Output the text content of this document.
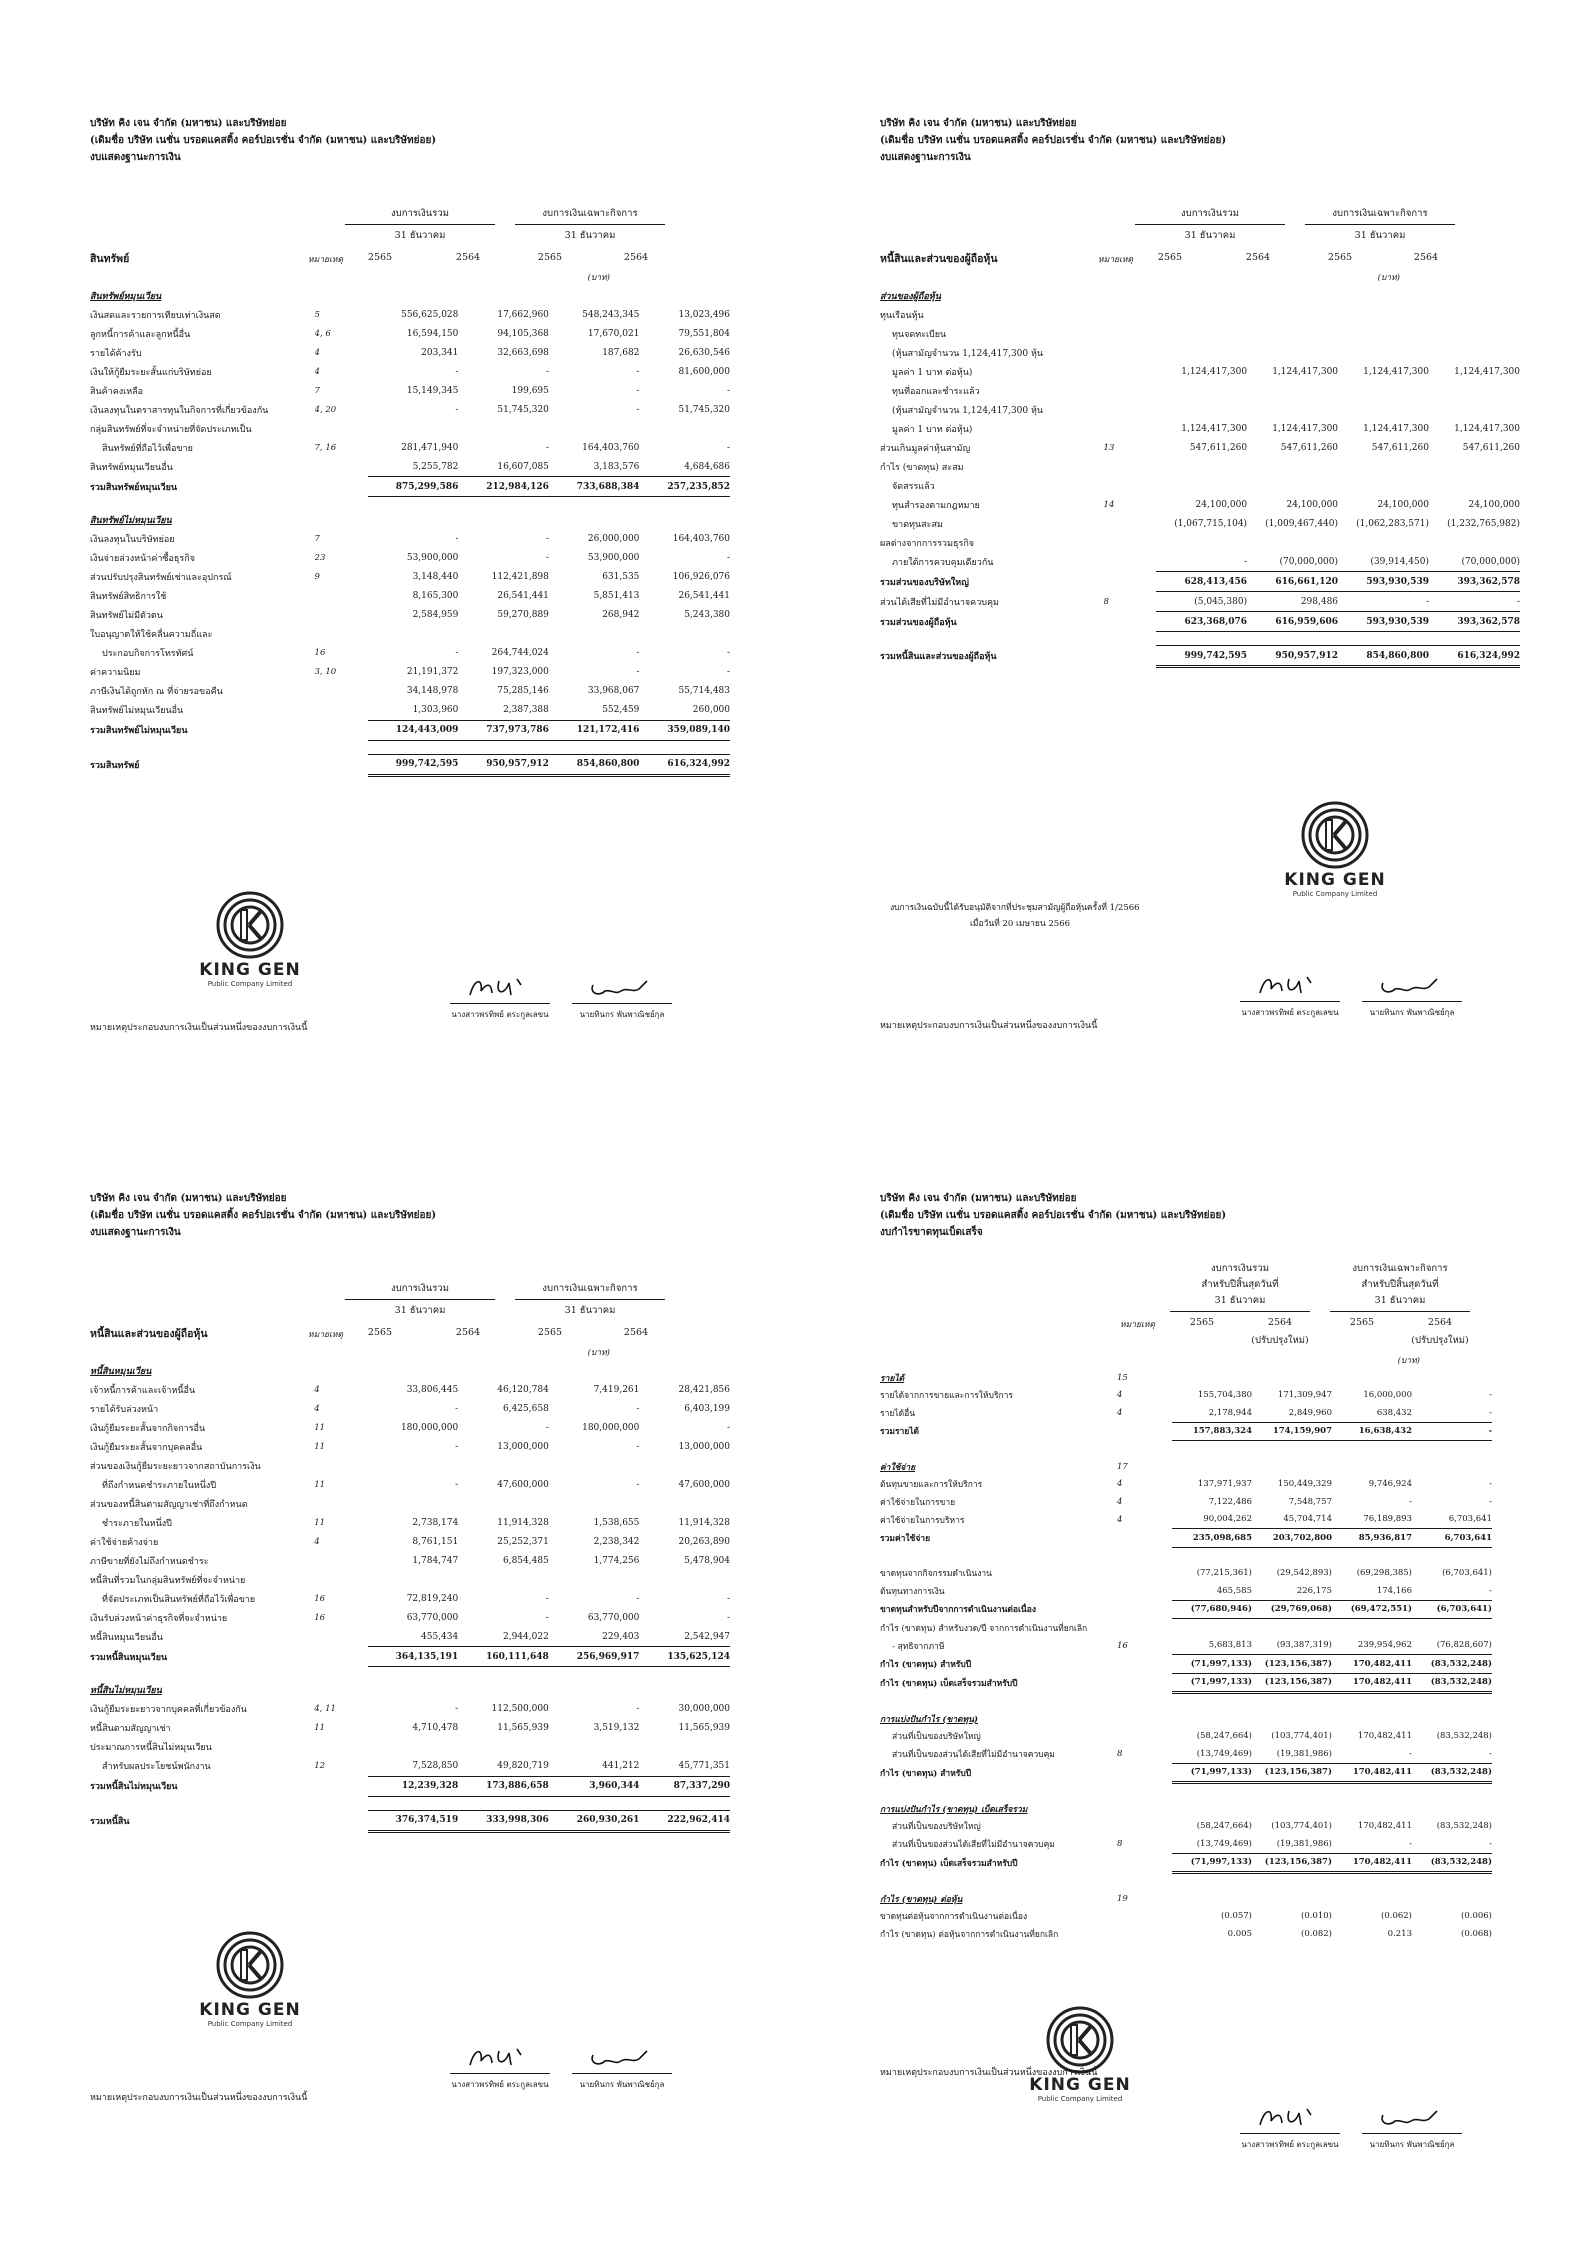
บริษัท คิง เจน จำกัด (มหาชน) และบริษัทย่อย
(เดิมชื่อ บริษัท เนชั่น บรอดแคสติ้ง คอร์ปอเรชั่น จำกัด (มหาชน) และบริษัทย่อย)
งบแสดงฐานะการเงิน
งบการเงินรวม	งบการเงินเฉพาะกิจการ
31 ธันวาคม	31 ธันวาคม
สินทรัพย์	หมายเหตุ	2565	2564	2565	2564
(บาท)
สินทรัพย์หมุนเวียน					
เงินสดและรายการเทียบเท่าเงินสด	5	556,625,028	17,662,960	548,243,345	13,023,496
ลูกหนี้การค้าและลูกหนี้อื่น	4, 6	16,594,150	94,105,368	17,670,021	79,551,804
รายได้ค้างรับ	4	203,341	32,663,698	187,682	26,630,546
เงินให้กู้ยืมระยะสั้นแก่บริษัทย่อย	4	-	-	-	81,600,000
สินค้าคงเหลือ	7	15,149,345	199,695	-	-
เงินลงทุนในตราสารทุนในกิจการที่เกี่ยวข้องกัน	4, 20	-	51,745,320	-	51,745,320
กลุ่มสินทรัพย์ที่จะจำหน่ายที่จัดประเภทเป็น					
สินทรัพย์ที่ถือไว้เพื่อขาย	7, 16	281,471,940	-	164,403,760	-
สินทรัพย์หมุนเวียนอื่น		5,255,782	16,607,085	3,183,576	4,684,686
รวมสินทรัพย์หมุนเวียน		875,299,586	212,984,126	733,688,384	257,235,852

สินทรัพย์ไม่หมุนเวียน					
เงินลงทุนในบริษัทย่อย	7	-	-	26,000,000	164,403,760
เงินจ่ายล่วงหน้าค่าซื้อธุรกิจ	23	53,900,000	-	53,900,000	-
ส่วนปรับปรุงสินทรัพย์เช่าและอุปกรณ์	9	3,148,440	112,421,898	631,535	106,926,076
สินทรัพย์สิทธิการใช้		8,165,300	26,541,441	5,851,413	26,541,441
สินทรัพย์ไม่มีตัวตน		2,584,959	59,270,889	268,942	5,243,380
ใบอนุญาตให้ใช้คลื่นความถี่และ					
ประกอบกิจการโทรทัศน์	16	-	264,744,024	-	-
ค่าความนิยม	3, 10	21,191,372	197,323,000	-	-
ภาษีเงินได้ถูกหัก ณ ที่จ่ายรอขอคืน		34,148,978	75,285,146	33,968,067	55,714,483
สินทรัพย์ไม่หมุนเวียนอื่น		1,303,960	2,387,388	552,459	260,000
รวมสินทรัพย์ไม่หมุนเวียน		124,443,009	737,973,786	121,172,416	359,089,140

รวมสินทรัพย์		999,742,595	950,957,912	854,860,800	616,324,992
KING GEN
Public Company Limited
หมายเหตุประกอบงบการเงินเป็นส่วนหนึ่งของงบการเงินนี้
นางสาวพรทิพย์ ตระกูลเลขน	นายทินกร พันพาณิชย์กุล
บริษัท คิง เจน จำกัด (มหาชน) และบริษัทย่อย
(เดิมชื่อ บริษัท เนชั่น บรอดแคสติ้ง คอร์ปอเรชั่น จำกัด (มหาชน) และบริษัทย่อย)
งบแสดงฐานะการเงิน
งบการเงินรวม	งบการเงินเฉพาะกิจการ
31 ธันวาคม	31 ธันวาคม
หนี้สินและส่วนของผู้ถือหุ้น	หมายเหตุ	2565	2564	2565	2564
(บาท)
ส่วนของผู้ถือหุ้น					
ทุนเรือนหุ้น					
ทุนจดทะเบียน					
(หุ้นสามัญจำนวน 1,124,417,300 หุ้น					
มูลค่า 1 บาท ต่อหุ้น)		1,124,417,300	1,124,417,300	1,124,417,300	1,124,417,300
ทุนที่ออกและชำระแล้ว					
(หุ้นสามัญจำนวน 1,124,417,300 หุ้น					
มูลค่า 1 บาท ต่อหุ้น)		1,124,417,300	1,124,417,300	1,124,417,300	1,124,417,300
ส่วนเกินมูลค่าหุ้นสามัญ	13	547,611,260	547,611,260	547,611,260	547,611,260
กำไร (ขาดทุน) สะสม					
จัดสรรแล้ว					
ทุนสำรองตามกฎหมาย	14	24,100,000	24,100,000	24,100,000	24,100,000
ขาดทุนสะสม		(1,067,715,104)	(1,009,467,440)	(1,062,283,571)	(1,232,765,982)
ผลต่างจากการรวมธุรกิจ					
ภายใต้การควบคุมเดียวกัน		-	(70,000,000)	(39,914,450)	(70,000,000)
รวมส่วนของบริษัทใหญ่		628,413,456	616,661,120	593,930,539	393,362,578
ส่วนได้เสียที่ไม่มีอำนาจควบคุม	8	(5,045,380)	298,486	-	-
รวมส่วนของผู้ถือหุ้น		623,368,076	616,959,606	593,930,539	393,362,578

รวมหนี้สินและส่วนของผู้ถือหุ้น		999,742,595	950,957,912	854,860,800	616,324,992
KING GEN
Public Company Limited
งบการเงินฉบับนี้ได้รับอนุมัติจากที่ประชุมสามัญผู้ถือหุ้นครั้งที่ 1/2566
เมื่อวันที่ 20 เมษายน 2566
หมายเหตุประกอบงบการเงินเป็นส่วนหนึ่งของงบการเงินนี้
นางสาวพรทิพย์ ตระกูลเลขน	นายทินกร พันพาณิชย์กุล
บริษัท คิง เจน จำกัด (มหาชน) และบริษัทย่อย
(เดิมชื่อ บริษัท เนชั่น บรอดแคสติ้ง คอร์ปอเรชั่น จำกัด (มหาชน) และบริษัทย่อย)
งบแสดงฐานะการเงิน
งบการเงินรวม	งบการเงินเฉพาะกิจการ
31 ธันวาคม	31 ธันวาคม
หนี้สินและส่วนของผู้ถือหุ้น	หมายเหตุ	2565	2564	2565	2564
(บาท)
หนี้สินหมุนเวียน					
เจ้าหนี้การค้าและเจ้าหนี้อื่น	4	33,806,445	46,120,784	7,419,261	28,421,856
รายได้รับล่วงหน้า	4	-	6,425,658	-	6,403,199
เงินกู้ยืมระยะสั้นจากกิจการอื่น	11	180,000,000	-	180,000,000	-
เงินกู้ยืมระยะสั้นจากบุคคลอื่น	11	-	13,000,000	-	13,000,000
ส่วนของเงินกู้ยืมระยะยาวจากสถาบันการเงิน					
ที่ถึงกำหนดชำระภายในหนึ่งปี	11	-	47,600,000	-	47,600,000
ส่วนของหนี้สินตามสัญญาเช่าที่ถึงกำหนด					
ชำระภายในหนึ่งปี	11	2,738,174	11,914,328	1,538,655	11,914,328
ค่าใช้จ่ายค้างจ่าย	4	8,761,151	25,252,371	2,238,342	20,263,890
ภาษีขายที่ยังไม่ถึงกำหนดชำระ		1,784,747	6,854,485	1,774,256	5,478,904
หนี้สินที่รวมในกลุ่มสินทรัพย์ที่จะจำหน่าย					
ที่จัดประเภทเป็นสินทรัพย์ที่ถือไว้เพื่อขาย	16	72,819,240	-	-	-
เงินรับล่วงหน้าค่าธุรกิจที่จะจำหน่าย	16	63,770,000	-	63,770,000	-
หนี้สินหมุนเวียนอื่น		455,434	2,944,022	229,403	2,542,947
รวมหนี้สินหมุนเวียน		364,135,191	160,111,648	256,969,917	135,625,124

หนี้สินไม่หมุนเวียน					
เงินกู้ยืมระยะยาวจากบุคคลที่เกี่ยวข้องกัน	4, 11	-	112,500,000	-	30,000,000
หนี้สินตามสัญญาเช่า	11	4,710,478	11,565,939	3,519,132	11,565,939
ประมาณการหนี้สินไม่หมุนเวียน					
สำหรับผลประโยชน์พนักงาน	12	7,528,850	49,820,719	441,212	45,771,351
รวมหนี้สินไม่หมุนเวียน		12,239,328	173,886,658	3,960,344	87,337,290

รวมหนี้สิน		376,374,519	333,998,306	260,930,261	222,962,414
KING GEN
Public Company Limited
หมายเหตุประกอบงบการเงินเป็นส่วนหนึ่งของงบการเงินนี้
นางสาวพรทิพย์ ตระกูลเลขน	นายทินกร พันพาณิชย์กุล
บริษัท คิง เจน จำกัด (มหาชน) และบริษัทย่อย
(เดิมชื่อ บริษัท เนชั่น บรอดแคสติ้ง คอร์ปอเรชั่น จำกัด (มหาชน) และบริษัทย่อย)
งบกำไรขาดทุนเบ็ดเสร็จ
งบการเงินรวม	งบการเงินเฉพาะกิจการ
สำหรับปีสิ้นสุดวันที่	สำหรับปีสิ้นสุดวันที่
31 ธันวาคม	31 ธันวาคม
หมายเหตุ	2565	2564	2565	2564
(ปรับปรุงใหม่)	(ปรับปรุงใหม่)
(บาท)
รายได้	15				
รายได้จากการขายและการให้บริการ	4	155,704,380	171,309,947	16,000,000	-
รายได้อื่น	4	2,178,944	2,849,960	638,432	-
รวมรายได้		157,883,324	174,159,907	16,638,432	-

ค่าใช้จ่าย	17				
ต้นทุนขายและการให้บริการ	4	137,971,937	150,449,329	9,746,924	-
ค่าใช้จ่ายในการขาย	4	7,122,486	7,548,757	-	-
ค่าใช้จ่ายในการบริหาร	4	90,004,262	45,704,714	76,189,893	6,703,641
รวมค่าใช้จ่าย		235,098,685	203,702,800	85,936,817	6,703,641

ขาดทุนจากกิจกรรมดำเนินงาน		(77,215,361)	(29,542,893)	(69,298,385)	(6,703,641)
ต้นทุนทางการเงิน		465,585	226,175	174,166	-
ขาดทุนสำหรับปีจากการดำเนินงานต่อเนื่อง		(77,680,946)	(29,769,068)	(69,472,551)	(6,703,641)
กำไร (ขาดทุน) สำหรับงวด/ปี จากการดำเนินงานที่ยกเลิก					
- สุทธิจากภาษี	16	5,683,813	(93,387,319)	239,954,962	(76,828,607)
กำไร (ขาดทุน) สำหรับปี		(71,997,133)	(123,156,387)	170,482,411	(83,532,248)
กำไร (ขาดทุน) เบ็ดเสร็จรวมสำหรับปี		(71,997,133)	(123,156,387)	170,482,411	(83,532,248)

การแบ่งปันกำไร (ขาดทุน)					
ส่วนที่เป็นของบริษัทใหญ่		(58,247,664)	(103,774,401)	170,482,411	(83,532,248)
ส่วนที่เป็นของส่วนได้เสียที่ไม่มีอำนาจควบคุม	8	(13,749,469)	(19,381,986)	-	-
กำไร (ขาดทุน) สำหรับปี		(71,997,133)	(123,156,387)	170,482,411	(83,532,248)

การแบ่งปันกำไร (ขาดทุน) เบ็ดเสร็จรวม					
ส่วนที่เป็นของบริษัทใหญ่		(58,247,664)	(103,774,401)	170,482,411	(83,532,248)
ส่วนที่เป็นของส่วนได้เสียที่ไม่มีอำนาจควบคุม	8	(13,749,469)	(19,381,986)	-	-
กำไร (ขาดทุน) เบ็ดเสร็จรวมสำหรับปี		(71,997,133)	(123,156,387)	170,482,411	(83,532,248)

กำไร (ขาดทุน) ต่อหุ้น	19				
ขาดทุนต่อหุ้นจากการดำเนินงานต่อเนื่อง		(0.057)	(0.010)	(0.062)	(0.006)
กำไร (ขาดทุน) ต่อหุ้นจากการดำเนินงานที่ยกเลิก		0.005	(0.082)	0.213	(0.068)
KING GEN
Public Company Limited
หมายเหตุประกอบงบการเงินเป็นส่วนหนึ่งของงบการเงินนี้
นางสาวพรทิพย์ ตระกูลเลขน	นายทินกร พันพาณิชย์กุล
